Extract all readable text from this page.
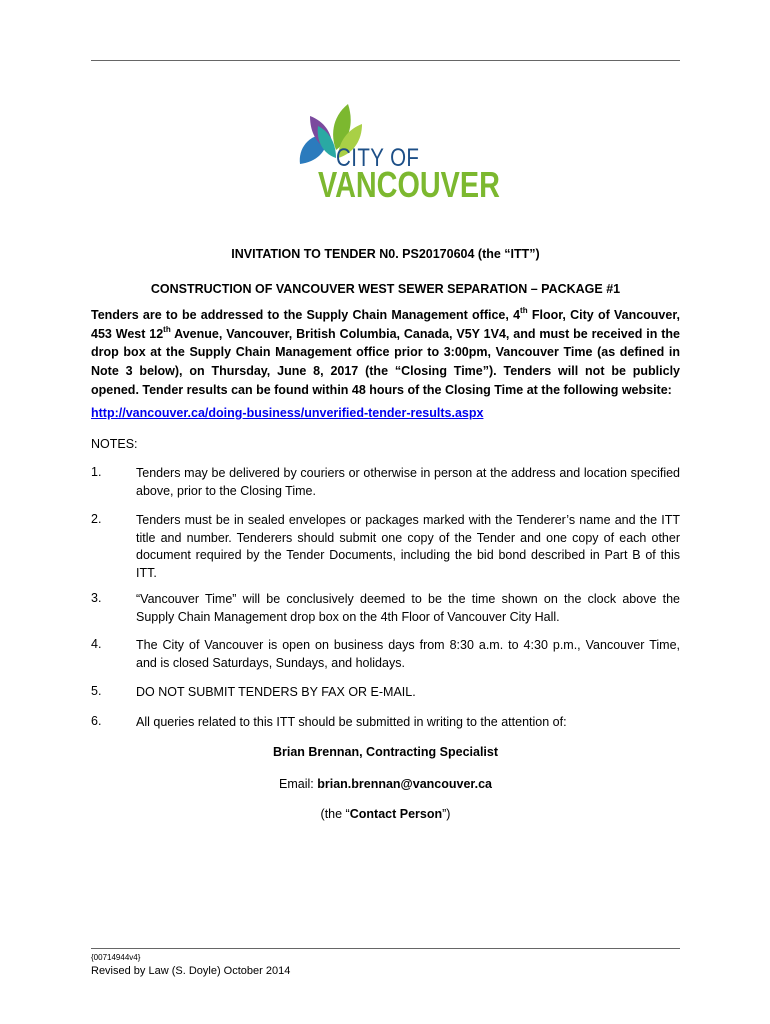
CITY OF
VANCOUVER
INVITATION TO TENDER N0. PS20170604 (the “ITT”)
CONSTRUCTION OF VANCOUVER WEST SEWER SEPARATION – PACKAGE #1
Tenders are to be addressed to the Supply Chain Management office, 4th Floor, City of Vancouver, 453 West 12th Avenue, Vancouver, British Columbia, Canada, V5Y 1V4, and must be received in the drop box at the Supply Chain Management office prior to 3:00pm, Vancouver Time (as defined in Note 3 below), on Thursday, June 8, 2017 (the “Closing Time”). Tenders will not be publicly opened. Tender results can be found within 48 hours of the Closing Time at the following website:
http://vancouver.ca/doing-business/unverified-tender-results.aspx
NOTES:
1.	Tenders may be delivered by couriers or otherwise in person at the address and location specified above, prior to the Closing Time.
2.	Tenders must be in sealed envelopes or packages marked with the Tenderer’s name and the ITT title and number. Tenderers should submit one copy of the Tender and one copy of each other document required by the Tender Documents, including the bid bond described in Part B of this ITT.
3.	“Vancouver Time” will be conclusively deemed to be the time shown on the clock above the Supply Chain Management drop box on the 4th Floor of Vancouver City Hall.
4.	The City of Vancouver is open on business days from 8:30 a.m. to 4:30 p.m., Vancouver Time, and is closed Saturdays, Sundays, and holidays.
5.	DO NOT SUBMIT TENDERS BY FAX OR E-MAIL.
6.	All queries related to this ITT should be submitted in writing to the attention of:
Brian Brennan, Contracting Specialist
Email: brian.brennan@vancouver.ca
(the “Contact Person”)
{00714944v4}
Revised by Law (S. Doyle) October 2014
